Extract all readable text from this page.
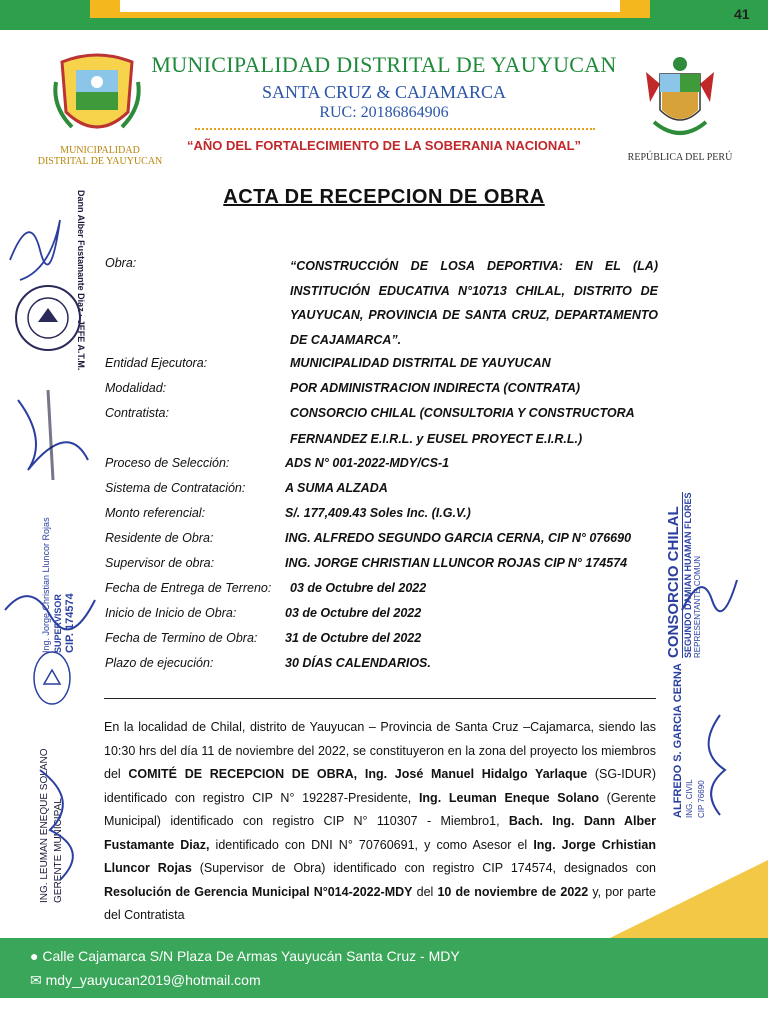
41
MUNICIPALIDAD
DISTRITAL DE YAUYUCAN	REPÚBLICA DEL PERÚ
MUNICIPALIDAD DISTRITAL DE YAUYUCAN
SANTA CRUZ & CAJAMARCA
RUC: 20186864906
“AÑO DEL FORTALECIMIENTO DE LA SOBERANIA NACIONAL”
ACTA DE RECEPCION DE OBRA
Obra:	“CONSTRUCCIÓN DE LOSA DEPORTIVA: EN EL (LA) INSTITUCIÓN EDUCATIVA N°10713 CHILAL, DISTRITO DE YAUYUCAN, PROVINCIA DE SANTA CRUZ, DEPARTAMENTO DE CAJAMARCA”.
Entidad Ejecutora:	MUNICIPALIDAD DISTRITAL DE YAUYUCAN
Modalidad:	POR ADMINISTRACION INDIRECTA (CONTRATA)
Contratista:	CONSORCIO CHILAL (CONSULTORIA Y CONSTRUCTORA
FERNANDEZ E.I.R.L. y EUSEL PROYECT E.I.R.L.)
Proceso de Selección:	ADS N° 001-2022-MDY/CS-1
Sistema de Contratación:	A SUMA ALZADA
Monto referencial:	S/. 177,409.43 Soles Inc. (I.G.V.)
Residente de Obra:	ING. ALFREDO SEGUNDO GARCIA CERNA, CIP N° 076690
Supervisor de obra:	ING. JORGE CHRISTIAN LLUNCOR ROJAS CIP N° 174574
Fecha de Entrega de Terreno: 03 de Octubre del 2022
Inicio de Inicio de Obra:	03 de Octubre del 2022
Fecha de Termino de Obra: 31 de Octubre del 2022
Plazo de ejecución:	30 DÍAS CALENDARIOS.
En la localidad de Chilal, distrito de Yauyucan – Provincia de Santa Cruz –Cajamarca, siendo las 10:30 hrs del día 11 de noviembre del 2022, se constituyeron en la zona del proyecto los miembros del COMITÉ DE RECEPCION DE OBRA, Ing. José Manuel Hidalgo Yarlaque (SG-IDUR) identificado con registro CIP N° 192287-Presidente, Ing. Leuman Eneque Solano (Gerente Municipal) identificado con registro CIP N° 110307 - Miembro1, Bach. Ing. Dann Alber Fustamante Diaz, identificado con DNI N° 70760691, y como Asesor el Ing. Jorge Crhistian Lluncor Rojas (Supervisor de Obra) identificado con registro CIP 174574, designados con Resolución de Gerencia Municipal N°014-2022-MDY del 10 de noviembre de 2022 y, por parte del Contratista
Dann Alber Fustamante Diaz · JEFE A.T.M.
Ing. Jorge Christian Lluncor Rojas SUPERVISOR CIP. 174574
ING. LEUMAN ENEQUE SOLANO GERENTE MUNICIPAL
CONSORCIO CHILAL SEGUNDO DAMIAN HUAMAN FLORES REPRESENTANTE COMUN
ALFREDO S. GARCIA CERNA ING. CIVIL CIP 76690
● Calle Cajamarca S/N Plaza De Armas Yauyucán Santa Cruz - MDY
✉ mdy_yauyucan2019@hotmail.com
